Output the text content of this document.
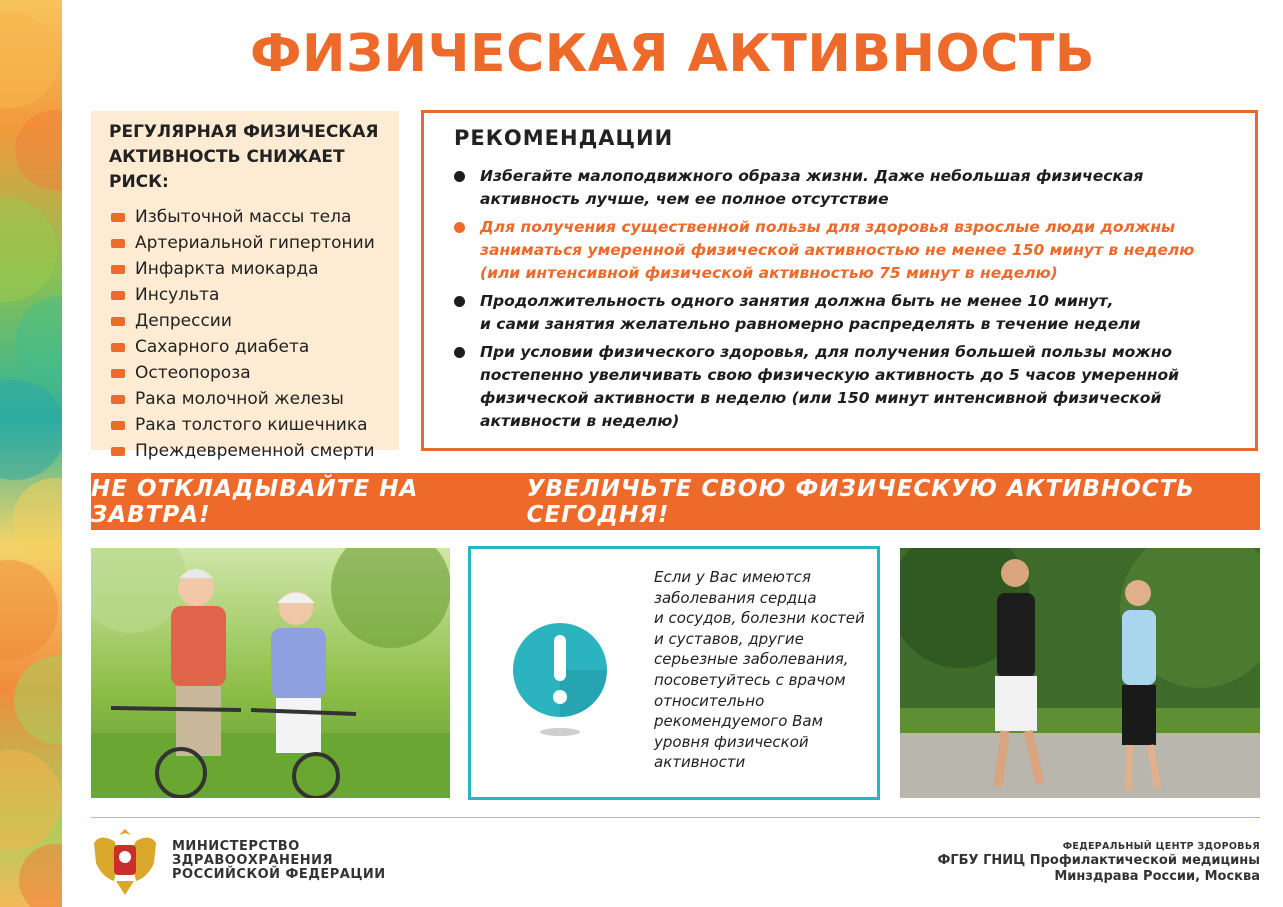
ФИЗИЧЕСКАЯ АКТИВНОСТЬ
РЕГУЛЯРНАЯ ФИЗИЧЕСКАЯ
АКТИВНОСТЬ СНИЖАЕТ РИСК:
Избыточной массы тела
Артериальной гипертонии
Инфаркта миокарда
Инсульта
Депрессии
Сахарного диабета
Остеопороза
Рака молочной железы
Рака толстого кишечника
Преждевременной смерти
РЕКОМЕНДАЦИИ
Избегайте малоподвижного образа жизни. Даже небольшая физическая
активность лучше, чем ее полное отсутствие
Для получения существенной пользы для здоровья взрослые люди должны
заниматься умеренной физической активностью не менее 150 минут в неделю
(или интенсивной физической активностью 75 минут в неделю)
Продолжительность одного занятия должна быть не менее 10 минут,
и сами занятия желательно равномерно распределять в течение недели
При условии физического здоровья, для получения большей пользы можно
постепенно увеличивать свою физическую активность до 5 часов умеренной
физической активности в неделю (или 150 минут интенсивной физической
активности в неделю)
НЕ ОТКЛАДЫВАЙТЕ НА ЗАВТРА!
УВЕЛИЧЬТЕ СВОЮ ФИЗИЧЕСКУЮ АКТИВНОСТЬ СЕГОДНЯ!
Если у Вас имеются
заболевания сердца
и сосудов, болезни костей
и суставов, другие
серьезные заболевания,
посоветуйтесь с врачом
относительно
рекомендуемого Вам
уровня физической
активности
МИНИСТЕРСТВО
ЗДРАВООХРАНЕНИЯ
РОССИЙСКОЙ ФЕДЕРАЦИИ
ФЕДЕРАЛЬНЫЙ ЦЕНТР ЗДОРОВЬЯ
ФГБУ ГНИЦ Профилактической медицины
Минздрава России, Москва
